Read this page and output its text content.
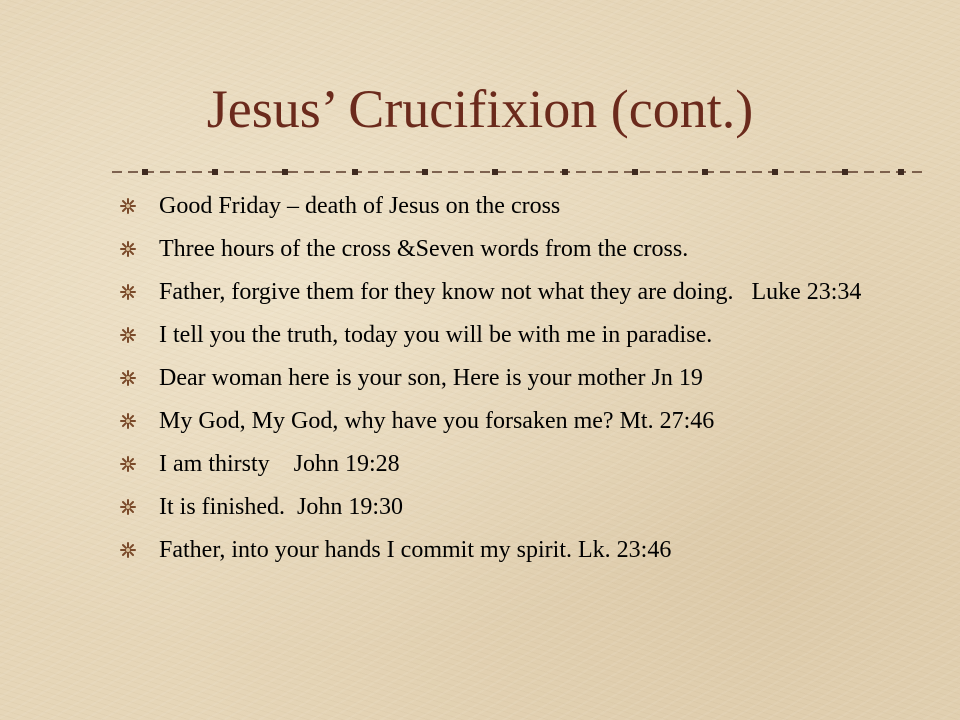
Jesus’ Crucifixion (cont.)
Good Friday – death of Jesus on the cross
Three hours of the cross &Seven words from the cross.
Father, forgive them for they know not what they are doing.   Luke 23:34
I tell you the truth, today you will be with me in paradise.
Dear woman here is your son, Here is your mother Jn 19
My God, My God, why have you forsaken me? Mt. 27:46
I am thirsty    John 19:28
It is finished.  John 19:30
Father, into your hands I commit my spirit. Lk. 23:46
